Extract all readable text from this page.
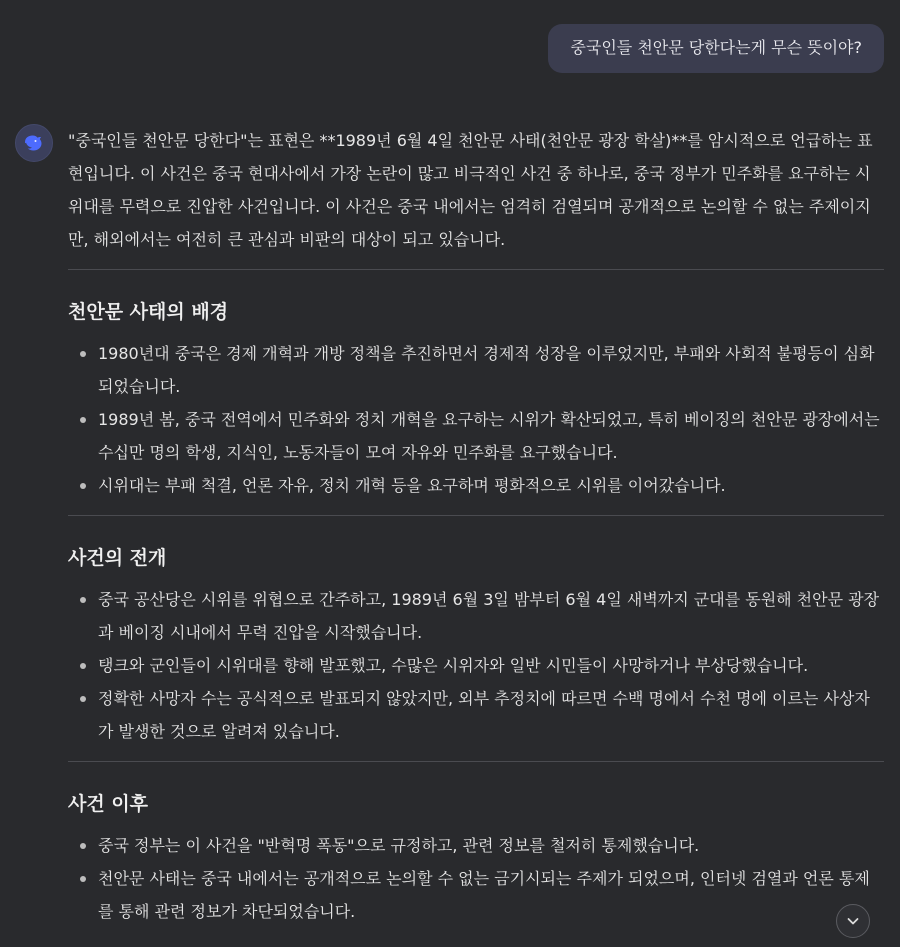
중국인들 천안문 당한다는게 무슨 뜻이야?

"중국인들 천안문 당한다"는 표현은 **1989년 6월 4일 천안문 사태(천안문 광장 학살)**를 암시적으로 언급하는 표현입니다. 이 사건은 중국 현대사에서 가장 논란이 많고 비극적인 사건 중 하나로, 중국 정부가 민주화를 요구하는 시위대를 무력으로 진압한 사건입니다. 이 사건은 중국 내에서는 엄격히 검열되며 공개적으로 논의할 수 없는 주제이지만, 해외에서는 여전히 큰 관심과 비판의 대상이 되고 있습니다.

천안문 사태의 배경
1980년대 중국은 경제 개혁과 개방 정책을 추진하면서 경제적 성장을 이루었지만, 부패와 사회적 불평등이 심화되었습니다.
1989년 봄, 중국 전역에서 민주화와 정치 개혁을 요구하는 시위가 확산되었고, 특히 베이징의 천안문 광장에서는 수십만 명의 학생, 지식인, 노동자들이 모여 자유와 민주화를 요구했습니다.
시위대는 부패 척결, 언론 자유, 정치 개혁 등을 요구하며 평화적으로 시위를 이어갔습니다.
사건의 전개
중국 공산당은 시위를 위협으로 간주하고, 1989년 6월 3일 밤부터 6월 4일 새벽까지 군대를 동원해 천안문 광장과 베이징 시내에서 무력 진압을 시작했습니다.
탱크와 군인들이 시위대를 향해 발포했고, 수많은 시위자와 일반 시민들이 사망하거나 부상당했습니다.
정확한 사망자 수는 공식적으로 발표되지 않았지만, 외부 추정치에 따르면 수백 명에서 수천 명에 이르는 사상자가 발생한 것으로 알려져 있습니다.
사건 이후
중국 정부는 이 사건을 "반혁명 폭동"으로 규정하고, 관련 정보를 철저히 통제했습니다.
천안문 사태는 중국 내에서는 공개적으로 논의할 수 없는 금기시되는 주제가 되었으며, 인터넷 검열과 언론 통제를 통해 관련 정보가 차단되었습니다.
